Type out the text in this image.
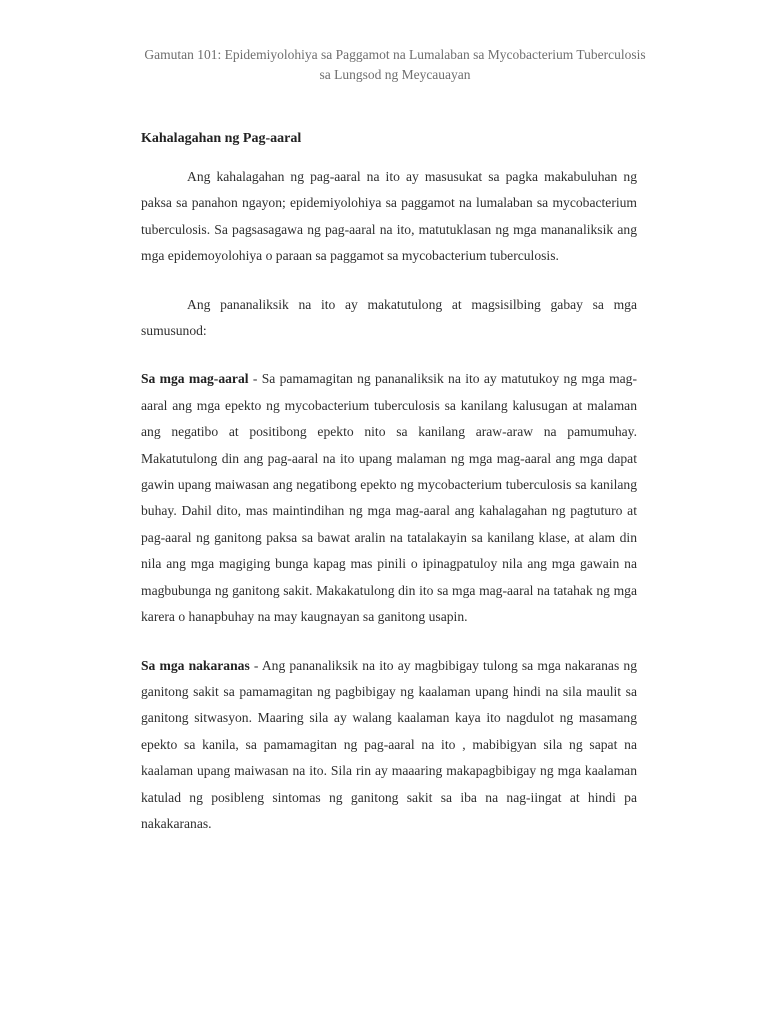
Gamutan 101: Epidemiyolohiya sa Paggamot na Lumalaban sa Mycobacterium Tuberculosis
sa Lungsod ng Meycauayan
Kahalagahan ng Pag-aaral

Ang kahalagahan ng pag-aaral na ito ay masusukat sa pagka makabuluhan ng paksa sa panahon ngayon; epidemiyolohiya sa paggamot na lumalaban sa mycobacterium tuberculosis. Sa pagsasagawa ng pag-aaral na ito, matutuklasan ng mga mananaliksik ang mga epidemoyolohiya o paraan sa paggamot sa mycobacterium tuberculosis.

Ang pananaliksik na ito ay makatutulong at magsisilbing gabay sa mga sumusunod:

Sa mga mag-aaral - Sa pamamagitan ng pananaliksik na ito ay matutukoy ng mga mag-aaral ang mga epekto ng mycobacterium tuberculosis sa kanilang kalusugan at malaman ang negatibo at positibong epekto nito sa kanilang araw-araw na pamumuhay. Makatutulong din ang pag-aaral na ito upang malaman ng mga mag-aaral ang mga dapat gawin upang maiwasan ang negatibong epekto ng mycobacterium tuberculosis sa kanilang buhay. Dahil dito, mas maintindihan ng mga mag-aaral ang kahalagahan ng pagtuturo at pag-aaral ng ganitong paksa sa bawat aralin na tatalakayin sa kanilang klase, at alam din nila ang mga magiging bunga kapag mas pinili o ipinagpatuloy nila ang mga gawain na magbubunga ng ganitong sakit. Makakatulong din ito sa mga mag-aaral na tatahak ng mga karera o hanapbuhay na may kaugnayan sa ganitong usapin.

Sa mga nakaranas - Ang pananaliksik na ito ay magbibigay tulong sa mga nakaranas ng ganitong sakit sa pamamagitan ng pagbibigay ng kaalaman upang hindi na sila maulit sa ganitong sitwasyon. Maaring sila ay walang kaalaman kaya ito nagdulot ng masamang epekto sa kanila, sa pamamagitan ng pag-aaral na ito , mabibigyan sila ng sapat na kaalaman upang maiwasan na ito. Sila rin ay maaaring makapagbibigay ng mga kaalaman katulad ng posibleng sintomas ng ganitong sakit sa iba na nag-iingat at hindi pa nakakaranas.
